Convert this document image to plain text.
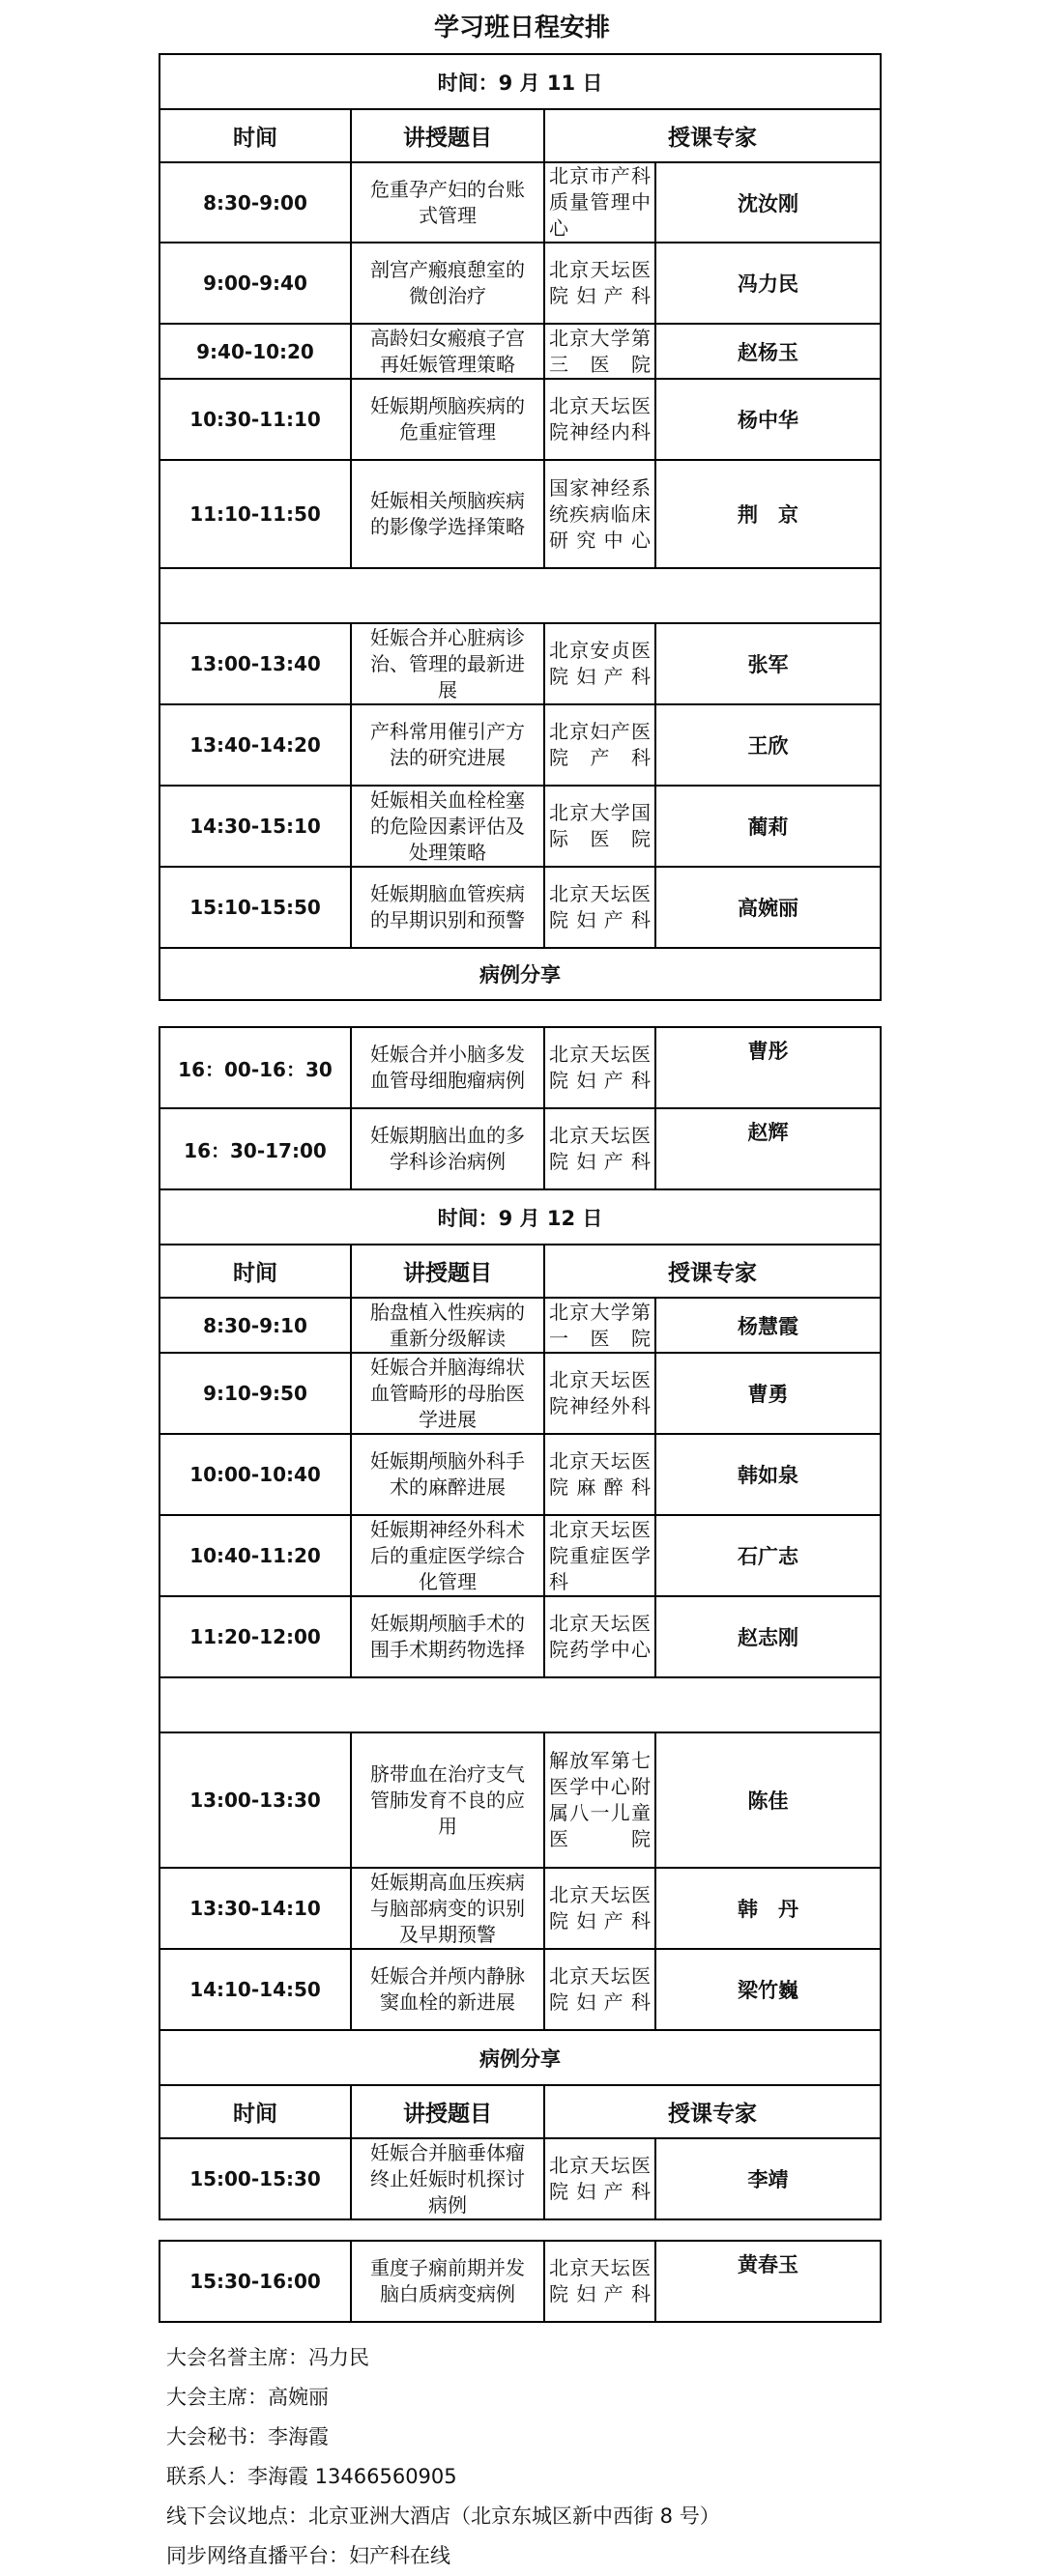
学习班日程安排
时间：9 月 11 日			
时间	讲授题目	授课专家	
8:30-9:00	危重孕产妇的台账式管理	北京市产科质量管理中心	沈汝刚
9:00-9:40	剖宫产瘢痕憩室的微创治疗	北京天坛医院妇产科	冯力民
9:40-10:20	高龄妇女瘢痕子宫再妊娠管理策略	北京大学第三医院	赵杨玉
10:30-11:10	妊娠期颅脑疾病的危重症管理	北京天坛医院神经内科	杨中华
11:10-11:50	妊娠相关颅脑疾病的影像学选择策略	国家神经系统疾病临床研究中心	荆　京

13:00-13:40	妊娠合并心脏病诊治、管理的最新进展	北京安贞医院妇产科	张军
13:40-14:20	产科常用催引产方法的研究进展	北京妇产医院产科	王欣
14:30-15:10	妊娠相关血栓栓塞的危险因素评估及处理策略	北京大学国际医院	蔺莉
15:10-15:50	妊娠期脑血管疾病的早期识别和预警	北京天坛医院妇产科	高婉丽
病例分享			
16：00-16：30	妊娠合并小脑多发血管母细胞瘤病例	北京天坛医院妇产科	曹彤
16：30-17:00	妊娠期脑出血的多学科诊治病例	北京天坛医院妇产科	赵辉
时间：9 月 12 日			
时间	讲授题目	授课专家	
8:30-9:10	胎盘植入性疾病的重新分级解读	北京大学第一医院	杨慧霞
9:10-9:50	妊娠合并脑海绵状血管畸形的母胎医学进展	北京天坛医院神经外科	曹勇
10:00-10:40	妊娠期颅脑外科手术的麻醉进展	北京天坛医院麻醉科	韩如泉
10:40-11:20	妊娠期神经外科术后的重症医学综合化管理	北京天坛医院重症医学科	石广志
11:20-12:00	妊娠期颅脑手术的围手术期药物选择	北京天坛医院药学中心	赵志刚

13:00-13:30	脐带血在治疗支气管肺发育不良的应用	解放军第七医学中心附属八一儿童医院	陈佳
13:30-14:10	妊娠期高血压疾病与脑部病变的识别及早期预警	北京天坛医院妇产科	韩　丹
14:10-14:50	妊娠合并颅内静脉窦血栓的新进展	北京天坛医院妇产科	梁竹巍
病例分享			
时间	讲授题目	授课专家	
15:00-15:30	妊娠合并脑垂体瘤终止妊娠时机探讨病例	北京天坛医院妇产科	李靖
15:30-16:00	重度子痫前期并发脑白质病变病例	北京天坛医院妇产科	黄春玉
大会名誉主席：冯力民
大会主席：高婉丽
大会秘书：李海霞
联系人：李海霞 13466560905
线下会议地点：北京亚洲大酒店（北京东城区新中西街 8 号）
同步网络直播平台：妇产科在线
